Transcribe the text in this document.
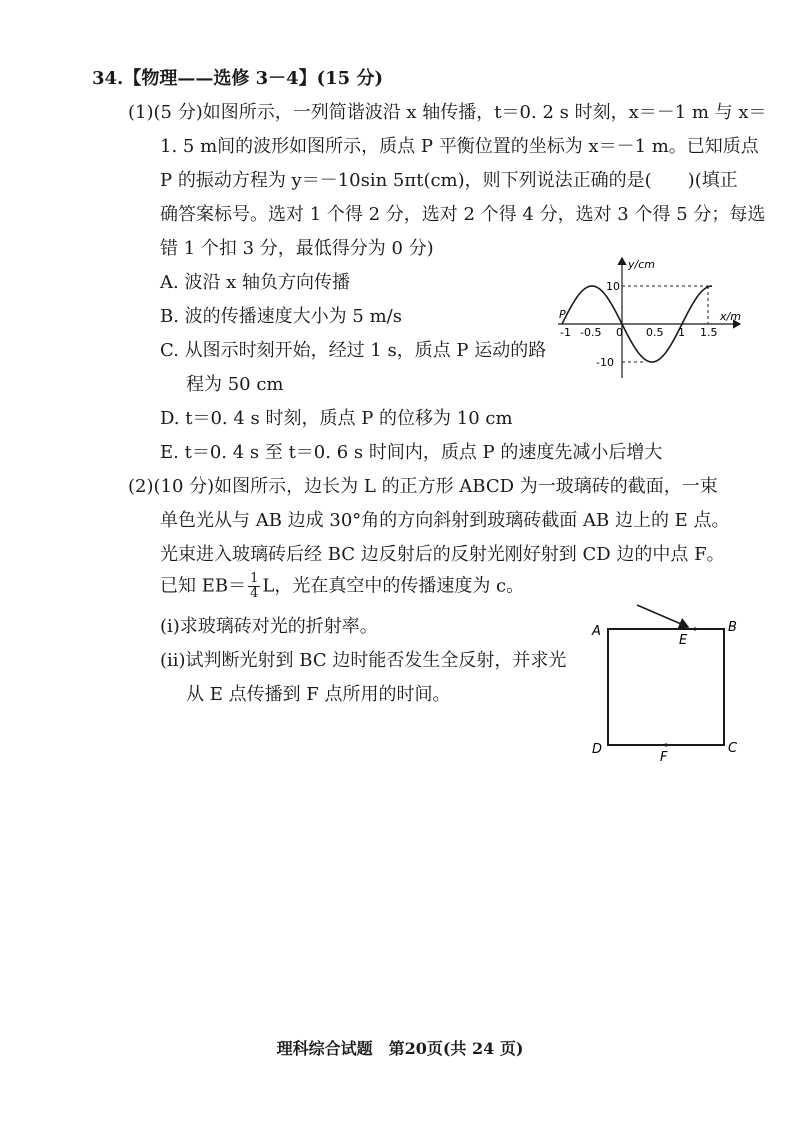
34.【物理——选修 3－4】(15 分)
(1)(5 分)如图所示，一列简谐波沿 x 轴传播，t＝0. 2 s 时刻，x＝－1 m 与 x＝
1. 5 m间的波形如图所示，质点 P 平衡位置的坐标为 x＝－1 m。已知质点
P 的振动方程为 y＝－10sin 5πt(cm)，则下列说法正确的是(　　)(填正
确答案标号。选对 1 个得 2 分，选对 2 个得 4 分，选对 3 个得 5 分；每选
错 1 个扣 3 分，最低得分为 0 分)
A. 波沿 x 轴负方向传播
B. 波的传播速度大小为 5 m/s
C. 从图示时刻开始，经过 1 s，质点 P 运动的路
程为 50 cm
D. t＝0. 4 s 时刻，质点 P 的位移为 10 cm
E. t＝0. 4 s 至 t＝0. 6 s 时间内，质点 P 的速度先减小后增大
y/cm
x/m
P
10
-10
-1 -0.5 0 0.5 1 1.5
(2)(10 分)如图所示，边长为 L 的正方形 ABCD 为一玻璃砖的截面，一束
单色光从与 AB 边成 30°角的方向斜射到玻璃砖截面 AB 边上的 E 点。
光束进入玻璃砖后经 BC 边反射后的反射光刚好射到 CD 边的中点 F。
已知 $EB= \frac{1}{4}$ L，光在真空中的传播速度为 c。
(i)求玻璃砖对光的折射率。
(ii)试判断光射到 BC 边时能否发生全反射，并求光
从 E 点传播到 F 点所用的时间。
A	B
C
D
E
F
理科综合试题　第20页(共 24 页)
